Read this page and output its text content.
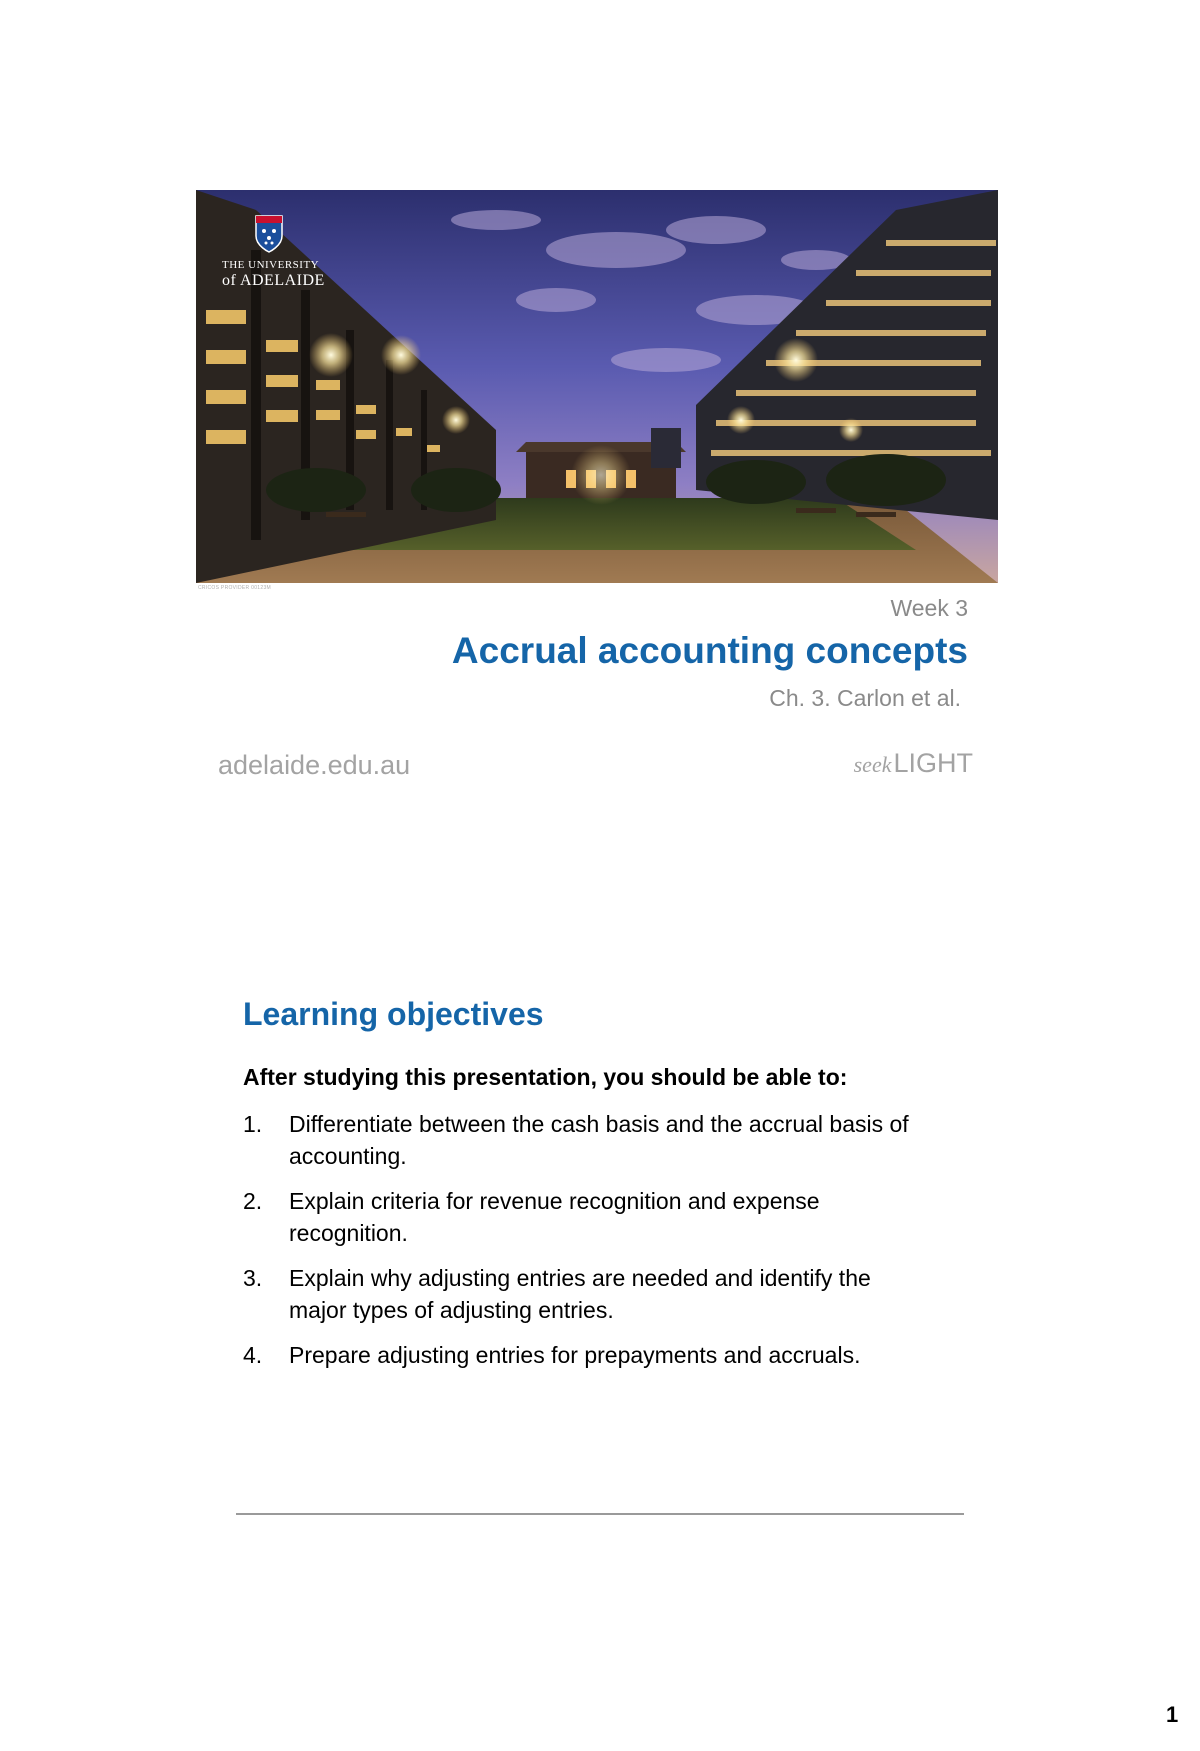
THE UNIVERSITY
of ADELAIDE
CRICOS PROVIDER 00123M
Week 3
Accrual accounting concepts
Ch. 3. Carlon et al.
adelaide.edu.au	seekLIGHT
Learning objectives
After studying this presentation, you should be able to:
1. Differentiate between the cash basis and the accrual basis of accounting.
2. Explain criteria for revenue recognition and expense recognition.
3. Explain why adjusting entries are needed and identify the major types of adjusting entries.
4. Prepare adjusting entries for prepayments and accruals.
1
